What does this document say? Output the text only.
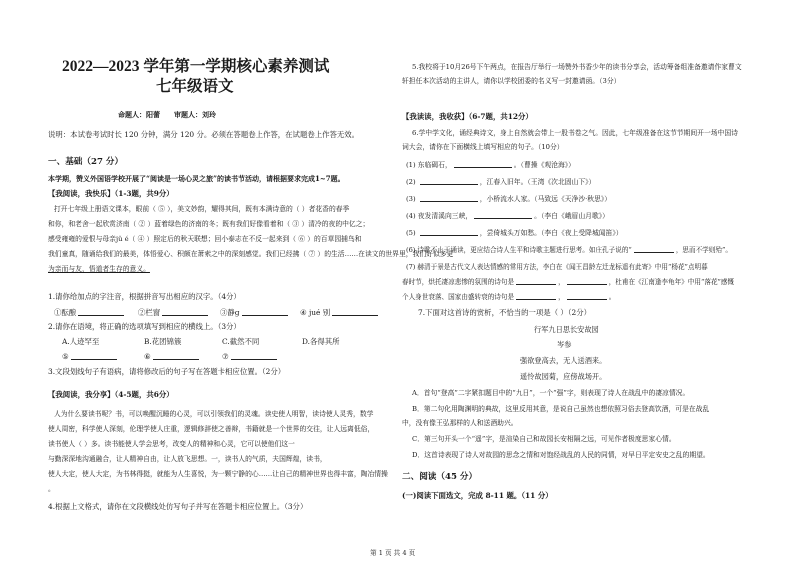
2022—2023 学年第一学期核心素养测试
七年级语文
命题人：阳蕾　　审题人：刘玲
说明：本试卷考试时长 120 分钟，满分 120 分。必须在答题卷上作答，在试题卷上作答无效。
一、基础（27 分）
本学期，赞义外国语学校开展了“阅读是一场心灵之旅”的读书节活动，请根据要求完成1~7题。
【我阅读，我快乐】（1-3题，共9分）
打开七年级上册语文课本，眼前（ ⑤ ），美文妙韵，耀得其间，既有本满诗意的（ ）者花香的春季
和你，和老舍一起欣赏济南（ ② ）蓝着绿色的济南的冬；既有我们好像看着和（ ③ ）清冷的夜的中亿之；
感受雍雍的爱恨与母亲jǔ é（ ④ ）照定后的秋天联想；回小泰志在不反一起来到（ ⑥ ）的百草园捕鸟和
我们童真，随诵给我们的最美，体悟爱心、积颇在萧索之中的深刻感觉。我们已经拂（ ⑦ ）的生活……在读文的世界里，我们好似多更
为亲而与友，悟道者生存的意义。
1.请你给加点的字注音，根据拼音写出相应的汉字。（4分）
①酝酿	②栏窗	③静ɡ	④ jué 别
2.请你在语境，将正确的选项填写到相应的横线上。（3分）
A.人迹罕至	B.花团锦簇	C.截然不同	D.各得其所
⑤	⑥	⑦
3.文段划线句子有语病，请将修改后的句子写在答题卡相应位置。（2分）
【我阅读，我分享】（4-5题，共6分）
人为什么要读书呢？书，可以唤醒沉睡的心灵，可以引领我们的灵魂。读史使人明智，读诗使人灵秀，数学
使人周密，科学使人深刻，伦理学使人庄重，逻辑修辞使之善辩，书籍就是一个世界的交往，让人远离低俗，
读书使人（ ）多。读书能使人学会思考，改变人的精神和心灵，它可以使他们这一
与勤深深地沟通融合，让人精神自由，让人放飞思想。一，读书人的气质，夫国辉煌，读书，
使人大定，使人大定，为书林得挺，就能为人生喜悦，为一颗宁静的心……让自己的精神世界也得丰富，陶冶情操
。
4.根据上文格式，请你在文段横线处仿写句子并写在答题卡相应位置上。（3分）
5.我校将于10月26号下午两点，在报告厅举行一场赞外书香少年的读书分享会，活动筹备组准备邀请作家曹文
轩担任本次活动的主讲人，请你以学校团委的名义写一封邀请函。（3分）
【我读读，我收获】（6-7题，共12分）
6.学中学文化，诵经典诗文，身上自然就会带上一股书卷之气。因此，七年级准备在这节节期间开一场中国诗
词大会，请你在下面横线上填写相应的句子。（10分）
(1) 东临碣石，	。（曹操《观沧海》）
(2)	，江春入旧年。（王湾《次北固山下》）
(3)	，小桥流水人家。（马致远《天净沙·秋思》）
(4) 夜发清溪向三峡，	。（李白《峨眉山月歌》）
(5)	，尝倚城头万如愁。（李白《夜上受降城闻笛》）
(6) 诗歌不止于诵读，更应结合诗人生平和诗歌主题进行思考。如庄孔子说的“	，思而不学则殆”。
(7) 赫清于景是古代文人表达情感的常用方法，李白在《闻王昌龄左迁龙标遥有此寄》中用“杨花”点明暮
春时节，烘托凄凉悲惨的氛围的诗句是	，	，杜甫在《江南逢李龟年》中用“落花”感慨
个人身世衰落、国家由盛转衰的诗句是	，	。
7.下面对这首诗的赏析，不恰当的一项是（ ）（2分）
行军九日思长安故园
岑参
强欲登高去，无人送酒来。
遥怜故园菊，应傍战场开。
A．首句“登高”二字紧扣题目中的“九日”，一个“强”字，则表现了诗人在战乱中的凄凉情况。
B．第二句化用陶渊明的典故，这里反用其意，是说自己虽然也想依照习俗去登高饮酒，可是在战乱
中，没有像王弘那样的人和送酒助兴。
C．第三句开头一个“遥”字，是渲染自己和故园长安相隔之远，可见作者极度思家心情。
D．这首诗表现了诗人对故园的思念之情和对饱经战乱的人民的同情，对早日平定安史之乱的期望。
二、阅读（45 分）
(一)阅读下面选文，完成 8-11 题。（11 分）
第 1 页 共 4 页
